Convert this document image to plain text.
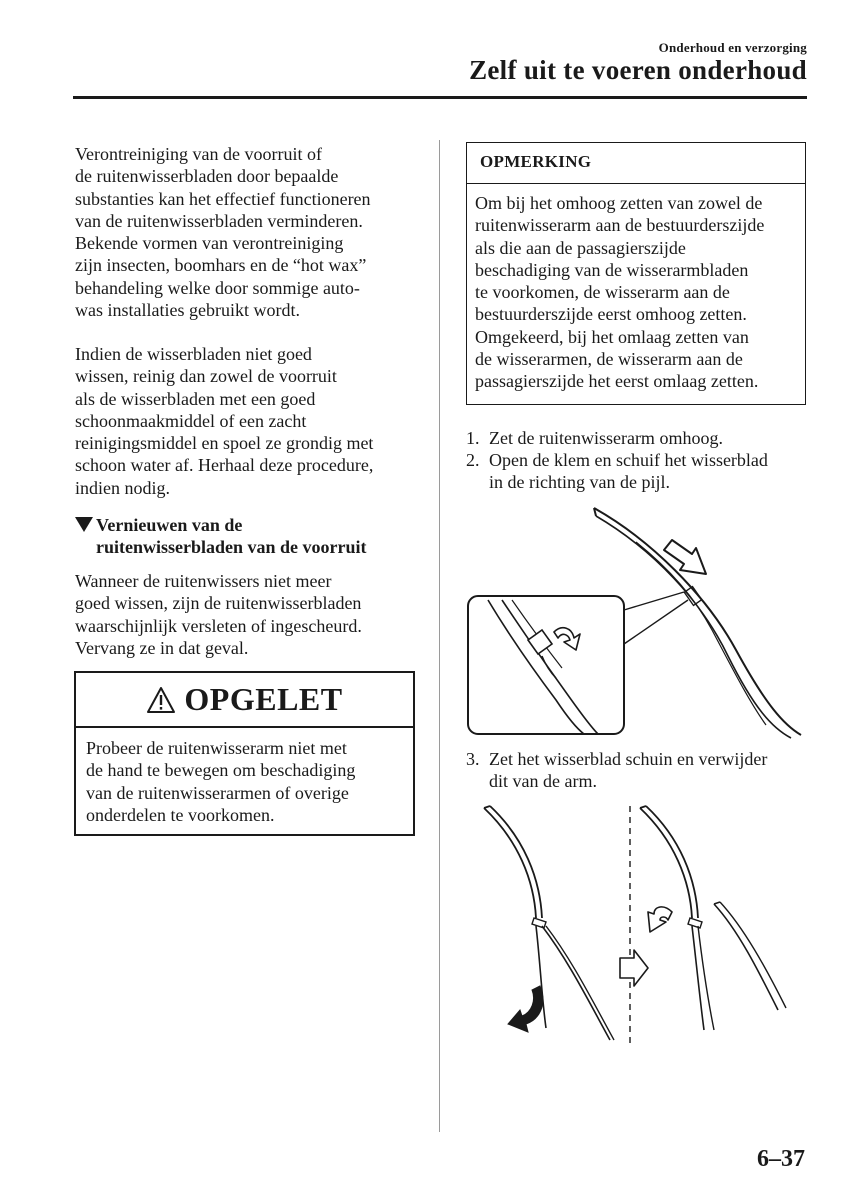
Onderhoud en verzorging
Zelf uit te voeren onderhoud

Verontreiniging van de voorruit of
de ruitenwisserbladen door bepaalde
substanties kan het effectief functioneren
van de ruitenwisserbladen verminderen.
Bekende vormen van verontreiniging
zijn insecten, boomhars en de “hot wax”
behandeling welke door sommige auto-
was installaties gebruikt wordt.

Indien de wisserbladen niet goed
wissen, reinig dan zowel de voorruit
als de wisserbladen met een goed
schoonmaakmiddel of een zacht
reinigingsmiddel en spoel ze grondig met
schoon water af. Herhaal deze procedure,
indien nodig.

Vernieuwen van de
ruitenwisserbladen van de voorruit

Wanneer de ruitenwissers niet meer
goed wissen, zijn de ruitenwisserbladen
waarschijnlijk versleten of ingescheurd.
Vervang ze in dat geval.

OPGELET

Probeer de ruitenwisserarm niet met
de hand te bewegen om beschadiging
van de ruitenwisserarmen of overige
onderdelen te voorkomen.

OPMERKING

Om bij het omhoog zetten van zowel de
ruitenwisserarm aan de bestuurderszijde
als die aan de passagierszijde
beschadiging van de wisserarmbladen
te voorkomen, de wisserarm aan de
bestuurderszijde eerst omhoog zetten.
Omgekeerd, bij het omlaag zetten van
de wisserarmen, de wisserarm aan de
passagierszijde het eerst omlaag zetten.

1. Zet de ruitenwisserarm omhoog.
2. Open de klem en schuif het wisserblad
in de richting van de pijl.
3. Zet het wisserblad schuin en verwijder
dit van de arm.
6–37
